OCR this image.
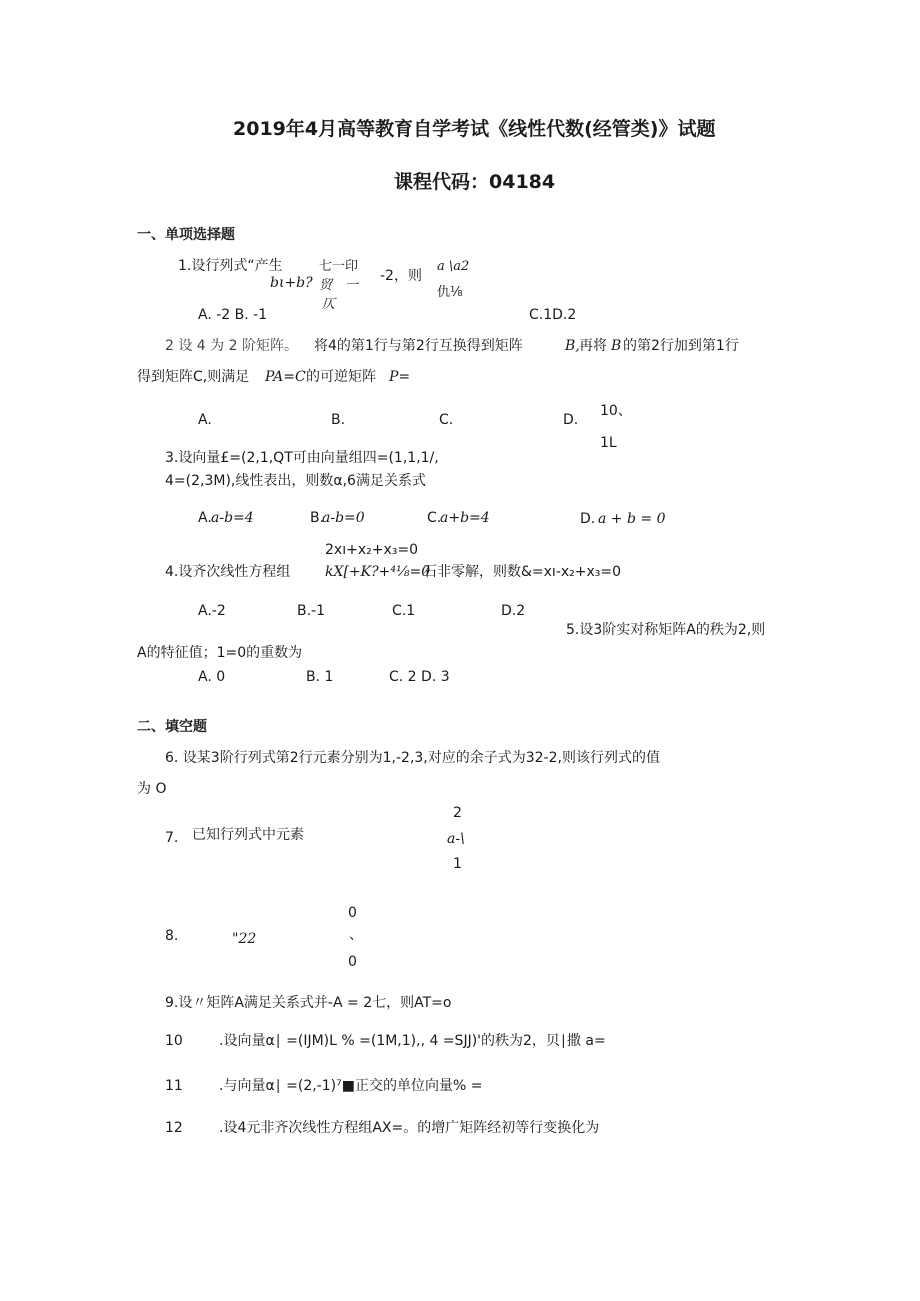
2019年4月高等教育自学考试《线性代数(经管类)》试题
课程代码：04184
一、单项选择题
1.设行列式“产生
bι+b?
七一印
贸　一
仄
-2，则
a \a2
仇⅛
A. -2 B. -1	C.1D.2
2 设 4 为 2 阶矩阵。 将4的第1行与第2行互换得到矩阵	B, 再将 B 的第2行加到第1行
得到矩阵C,则满足 PA=C 的可逆矩阵 P=
A.	B.	C.	D.
10、
1L
3.设向量£=(2,1,QT可由向量组四=(1,1,1/,
4=(2,3M),线性表出，则数α,6满足关系式
A. a-b=4	B.
a-b=0	C.
a+b=4	D. a + b = 0
2xı+x₂+x₃=0
4.设齐次线性方程组 kX[+K?+⁴⅛=0
石非零解，则数&=xı-x₂+x₃=0
A.-2	B.-1	C.1	D.2
5.设3阶实对称矩阵A的秩为2,则
A的特征值；1=0的重数为
A. 0	B. 1	C. 2 D. 3
二、填空题
6. 设某3阶行列式第2行元素分别为1,-2,3,对应的余子式为32-2,则该行列式的值
为 O
7. 已知行列式中元素
2
a-\
1
8.	"22
0
、
0
9.设〃矩阵A满足关系式并-A = 2七，则AT=o
10	.设向量α∣ =(IJM)L % =(1M,1),, 4 =SJJ)'的秩为2，贝∣撒 a=
11	.与向量α∣ =(2,-1)⁷■正交的单位向量% =
12	.设4元非齐次线性方程组AX=。的增广矩阵经初等行变换化为
